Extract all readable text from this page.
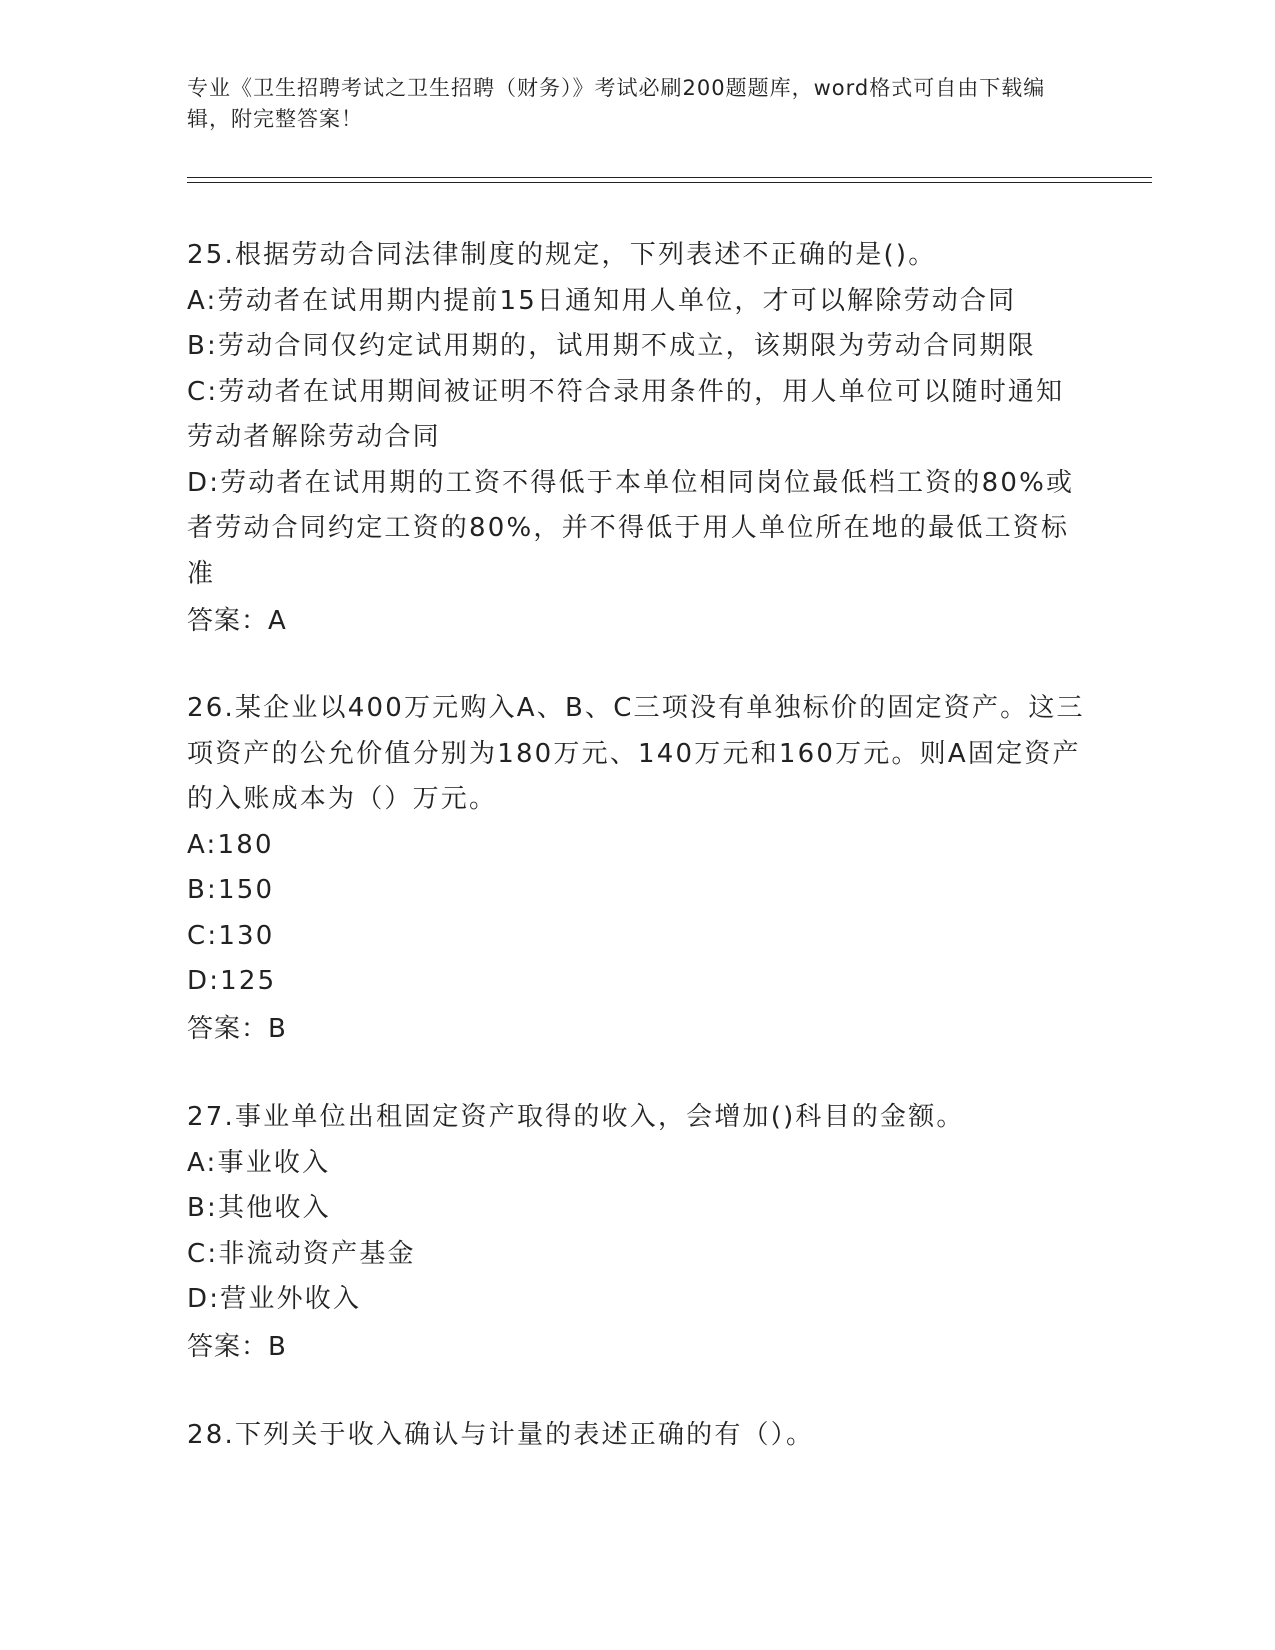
专业《卫生招聘考试之卫生招聘（财务）》考试必刷200题题库，word格式可自由下载编辑，附完整答案！

25.根据劳动合同法律制度的规定，下列表述不正确的是()。

A:劳动者在试用期内提前15日通知用人单位，才可以解除劳动合同

B:劳动合同仅约定试用期的，试用期不成立，该期限为劳动合同期限

C:劳动者在试用期间被证明不符合录用条件的，用人单位可以随时通知劳动者解除劳动合同

D:劳动者在试用期的工资不得低于本单位相同岗位最低档工资的80%或者劳动合同约定工资的80%，并不得低于用人单位所在地的最低工资标准

答案：A

26.某企业以400万元购入A、B、C三项没有单独标价的固定资产。这三项资产的公允价值分别为180万元、140万元和160万元。则A固定资产的入账成本为（）万元。

A:180

B:150

C:130

D:125

答案：B

27.事业单位出租固定资产取得的收入，会增加()科目的金额。

A:事业收入

B:其他收入

C:非流动资产基金

D:营业外收入

答案：B

28.下列关于收入确认与计量的表述正确的有（）。
